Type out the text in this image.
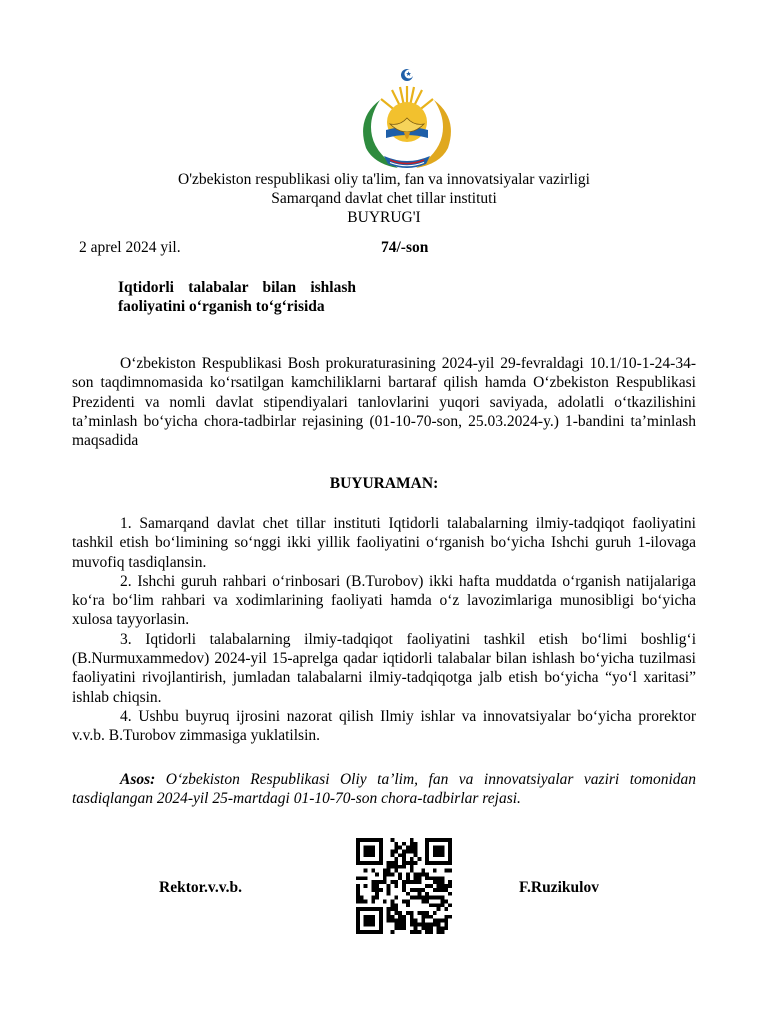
O'zbekiston respublikasi oliy ta'lim, fan va innovatsiyalar vazirligi
Samarqand davlat chet tillar instituti
BUYRUG'I
2 aprel 2024 yil.	74/-son
Iqtidorli talabalar bilan ishlash faoliyatini o‘rganish to‘g‘risida

O‘zbekiston Respublikasi Bosh prokuraturasining 2024-yil 29-fevraldagi 10.1/10-1-24-34-son taqdimnomasida ko‘rsatilgan kamchiliklarni bartaraf qilish hamda O‘zbekiston Respublikasi Prezidenti va nomli davlat stipendiyalari tanlovlarini yuqori saviyada, adolatli o‘tkazilishini ta’minlash bo‘yicha chora-tadbirlar rejasining (01-10-70-son, 25.03.2024-y.) 1-bandini ta’minlash maqsadida

BUYURAMAN:

1. Samarqand davlat chet tillar instituti Iqtidorli talabalarning ilmiy-tadqiqot faoliyatini tashkil etish bo‘limining so‘nggi ikki yillik faoliyatini o‘rganish bo‘yicha Ishchi guruh 1-ilovaga muvofiq tasdiqlansin.

2. Ishchi guruh rahbari o‘rinbosari (B.Turobov) ikki hafta muddatda o‘rganish natijalariga ko‘ra bo‘lim rahbari va xodimlarining faoliyati hamda o‘z lavozimlariga munosibligi bo‘yicha xulosa tayyorlasin.

3. Iqtidorli talabalarning ilmiy-tadqiqot faoliyatini tashkil etish bo‘limi boshlig‘i (B.Nurmuxammedov) 2024-yil 15-aprelga qadar iqtidorli talabalar bilan ishlash bo‘yicha tuzilmasi faoliyatini rivojlantirish, jumladan talabalarni ilmiy-tadqiqotga jalb etish bo‘yicha “yo‘l xaritasi” ishlab chiqsin.

4. Ushbu buyruq ijrosini nazorat qilish Ilmiy ishlar va innovatsiyalar bo‘yicha prorektor v.v.b. B.Turobov zimmasiga yuklatilsin.

Asos: O‘zbekiston Respublikasi Oliy ta’lim, fan va innovatsiyalar vaziri tomonidan tasdiqlangan 2024-yil 25-martdagi 01-10-70-son chora-tadbirlar rejasi.

Rektor.v.v.b.	F.Ruzikulov
